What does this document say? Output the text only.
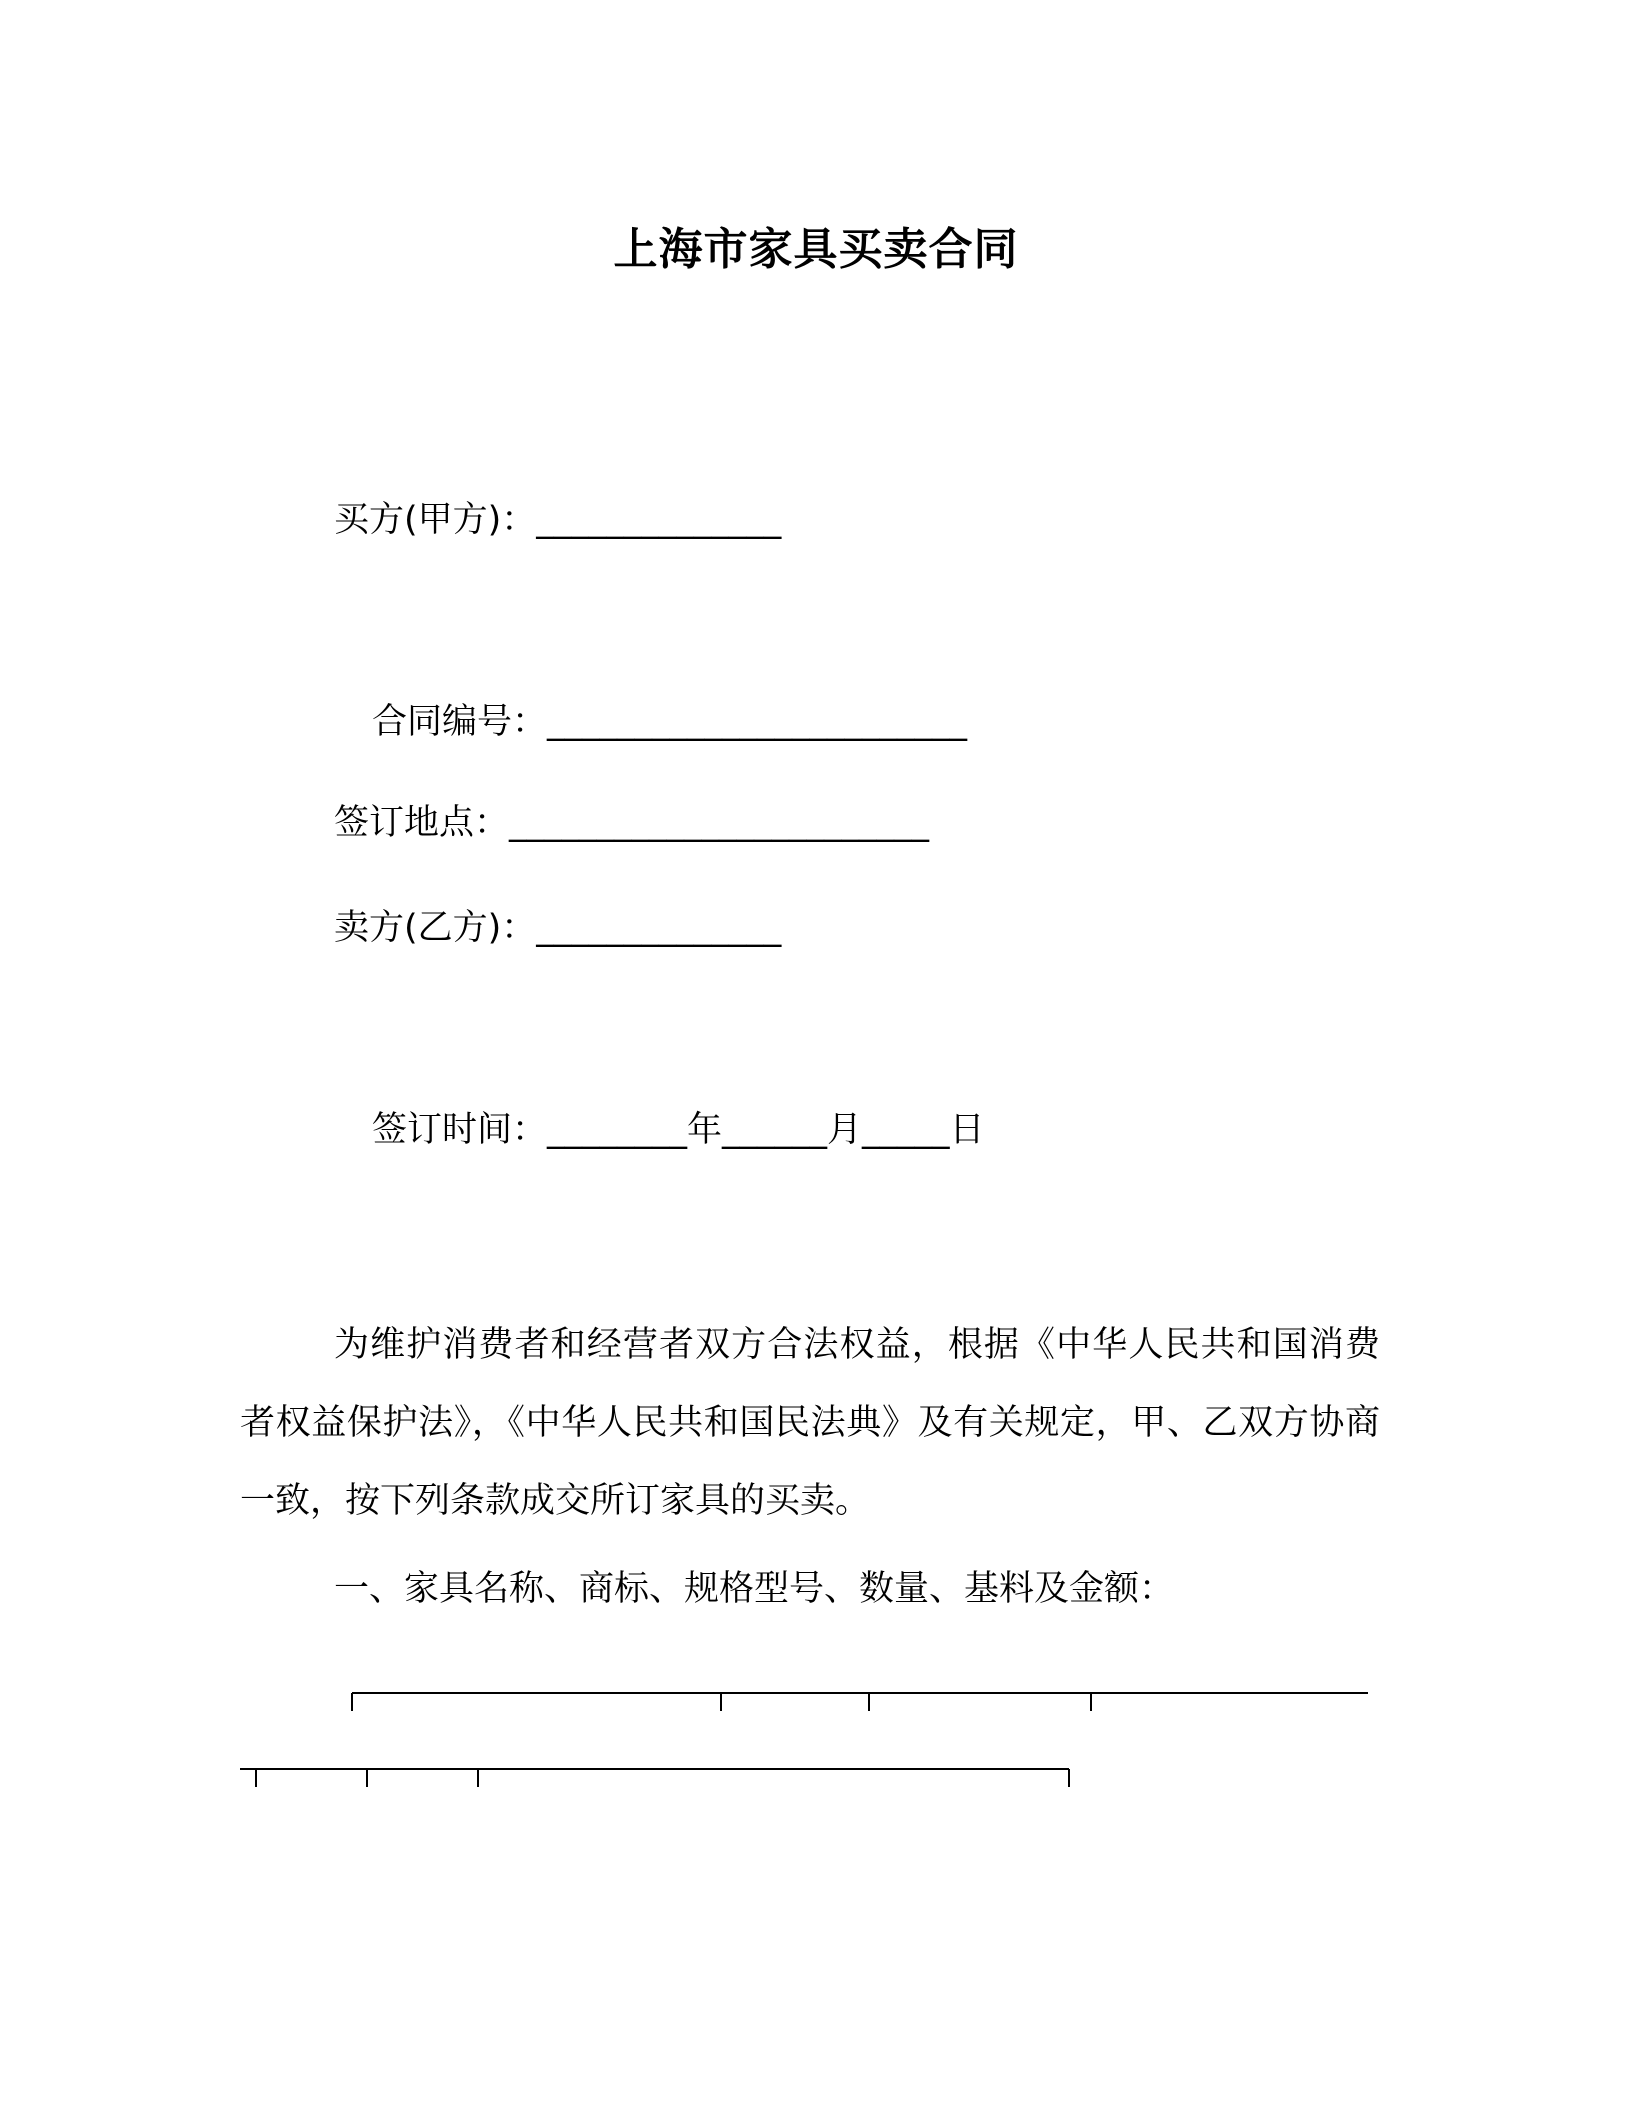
上海市家具买卖合同
买方(甲方)：______________
合同编号：________________________
签订地点：________________________
卖方(乙方)：______________
签订时间：________年______月_____日
为维护消费者和经营者双方合法权益，根据《中华人民共和国消费者权益保护法》，《中华人民共和国民法典》及有关规定，甲、乙双方协商一致，按下列条款成交所订家具的买卖。
一、家具名称、商标、规格型号、数量、基料及金额：
